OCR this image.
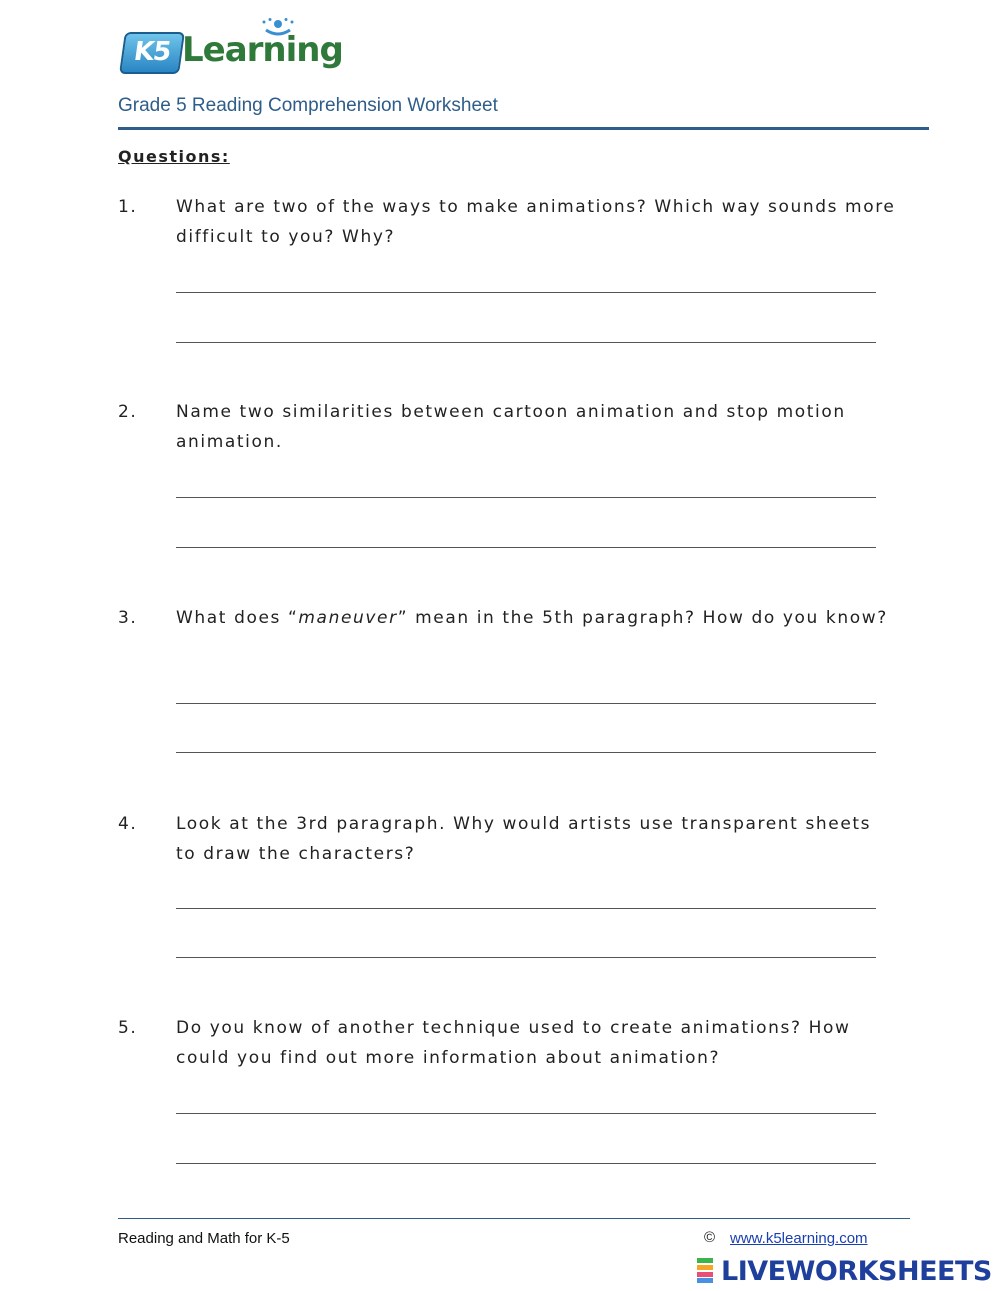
K5 Learning
Grade 5 Reading Comprehension Worksheet
Questions:
1. What are two of the ways to make animations? Which way sounds more difficult to you? Why?
2. Name two similarities between cartoon animation and stop motion animation.
3. What does “maneuver” mean in the 5th paragraph? How do you know?
4. Look at the 3rd paragraph. Why would artists use transparent sheets to draw the characters?
5. Do you know of another technique used to create animations? How could you find out more information about animation?
Reading and Math for K-5	© www.k5learning.com
LIVEWORKSHEETS
